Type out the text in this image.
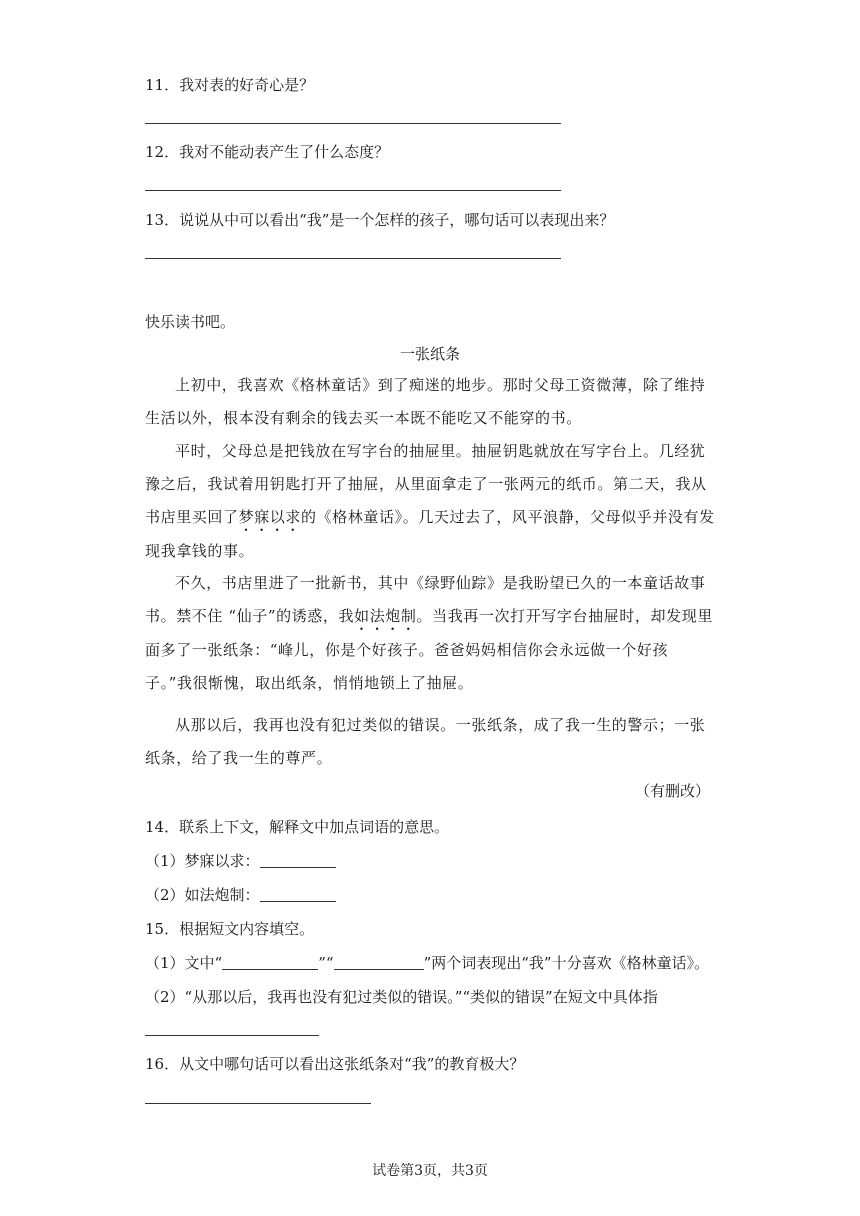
11．我对表的好奇心是？
12．我对不能动表产生了什么态度？
13．说说从中可以看出“我”是一个怎样的孩子，哪句话可以表现出来？
快乐读书吧。
一张纸条
上初中，我喜欢《格林童话》到了痴迷的地步。那时父母工资微薄，除了维持生活以外，根本没有剩余的钱去买一本既不能吃又不能穿的书。
平时，父母总是把钱放在写字台的抽屉里。抽屉钥匙就放在写字台上。几经犹豫之后，我试着用钥匙打开了抽屉，从里面拿走了一张两元的纸币。第二天，我从书店里买回了梦寐以求的《格林童话》。几天过去了，风平浪静，父母似乎并没有发现我拿钱的事。
不久，书店里进了一批新书，其中《绿野仙踪》是我盼望已久的一本童话故事书。禁不住 “仙子”的诱惑，我如法炮制。当我再一次打开写字台抽屉时，却发现里面多了一张纸条：“峰儿，你是个好孩子。爸爸妈妈相信你会永远做一个好孩子。”我很惭愧，取出纸条，悄悄地锁上了抽屉。
从那以后，我再也没有犯过类似的错误。一张纸条，成了我一生的警示；一张纸条，给了我一生的尊严。
（有删改）
14．联系上下文，解释文中加点词语的意思。
（1）梦寐以求：
（2）如法炮制：
15．根据短文内容填空。
（1）文中“	”“	”两个词表现出“我”十分喜欢《格林童话》。
（2）“从那以后，我再也没有犯过类似的错误。”“类似的错误”在短文中具体指
16．从文中哪句话可以看出这张纸条对“我”的教育极大？
试卷第3页，共3页
